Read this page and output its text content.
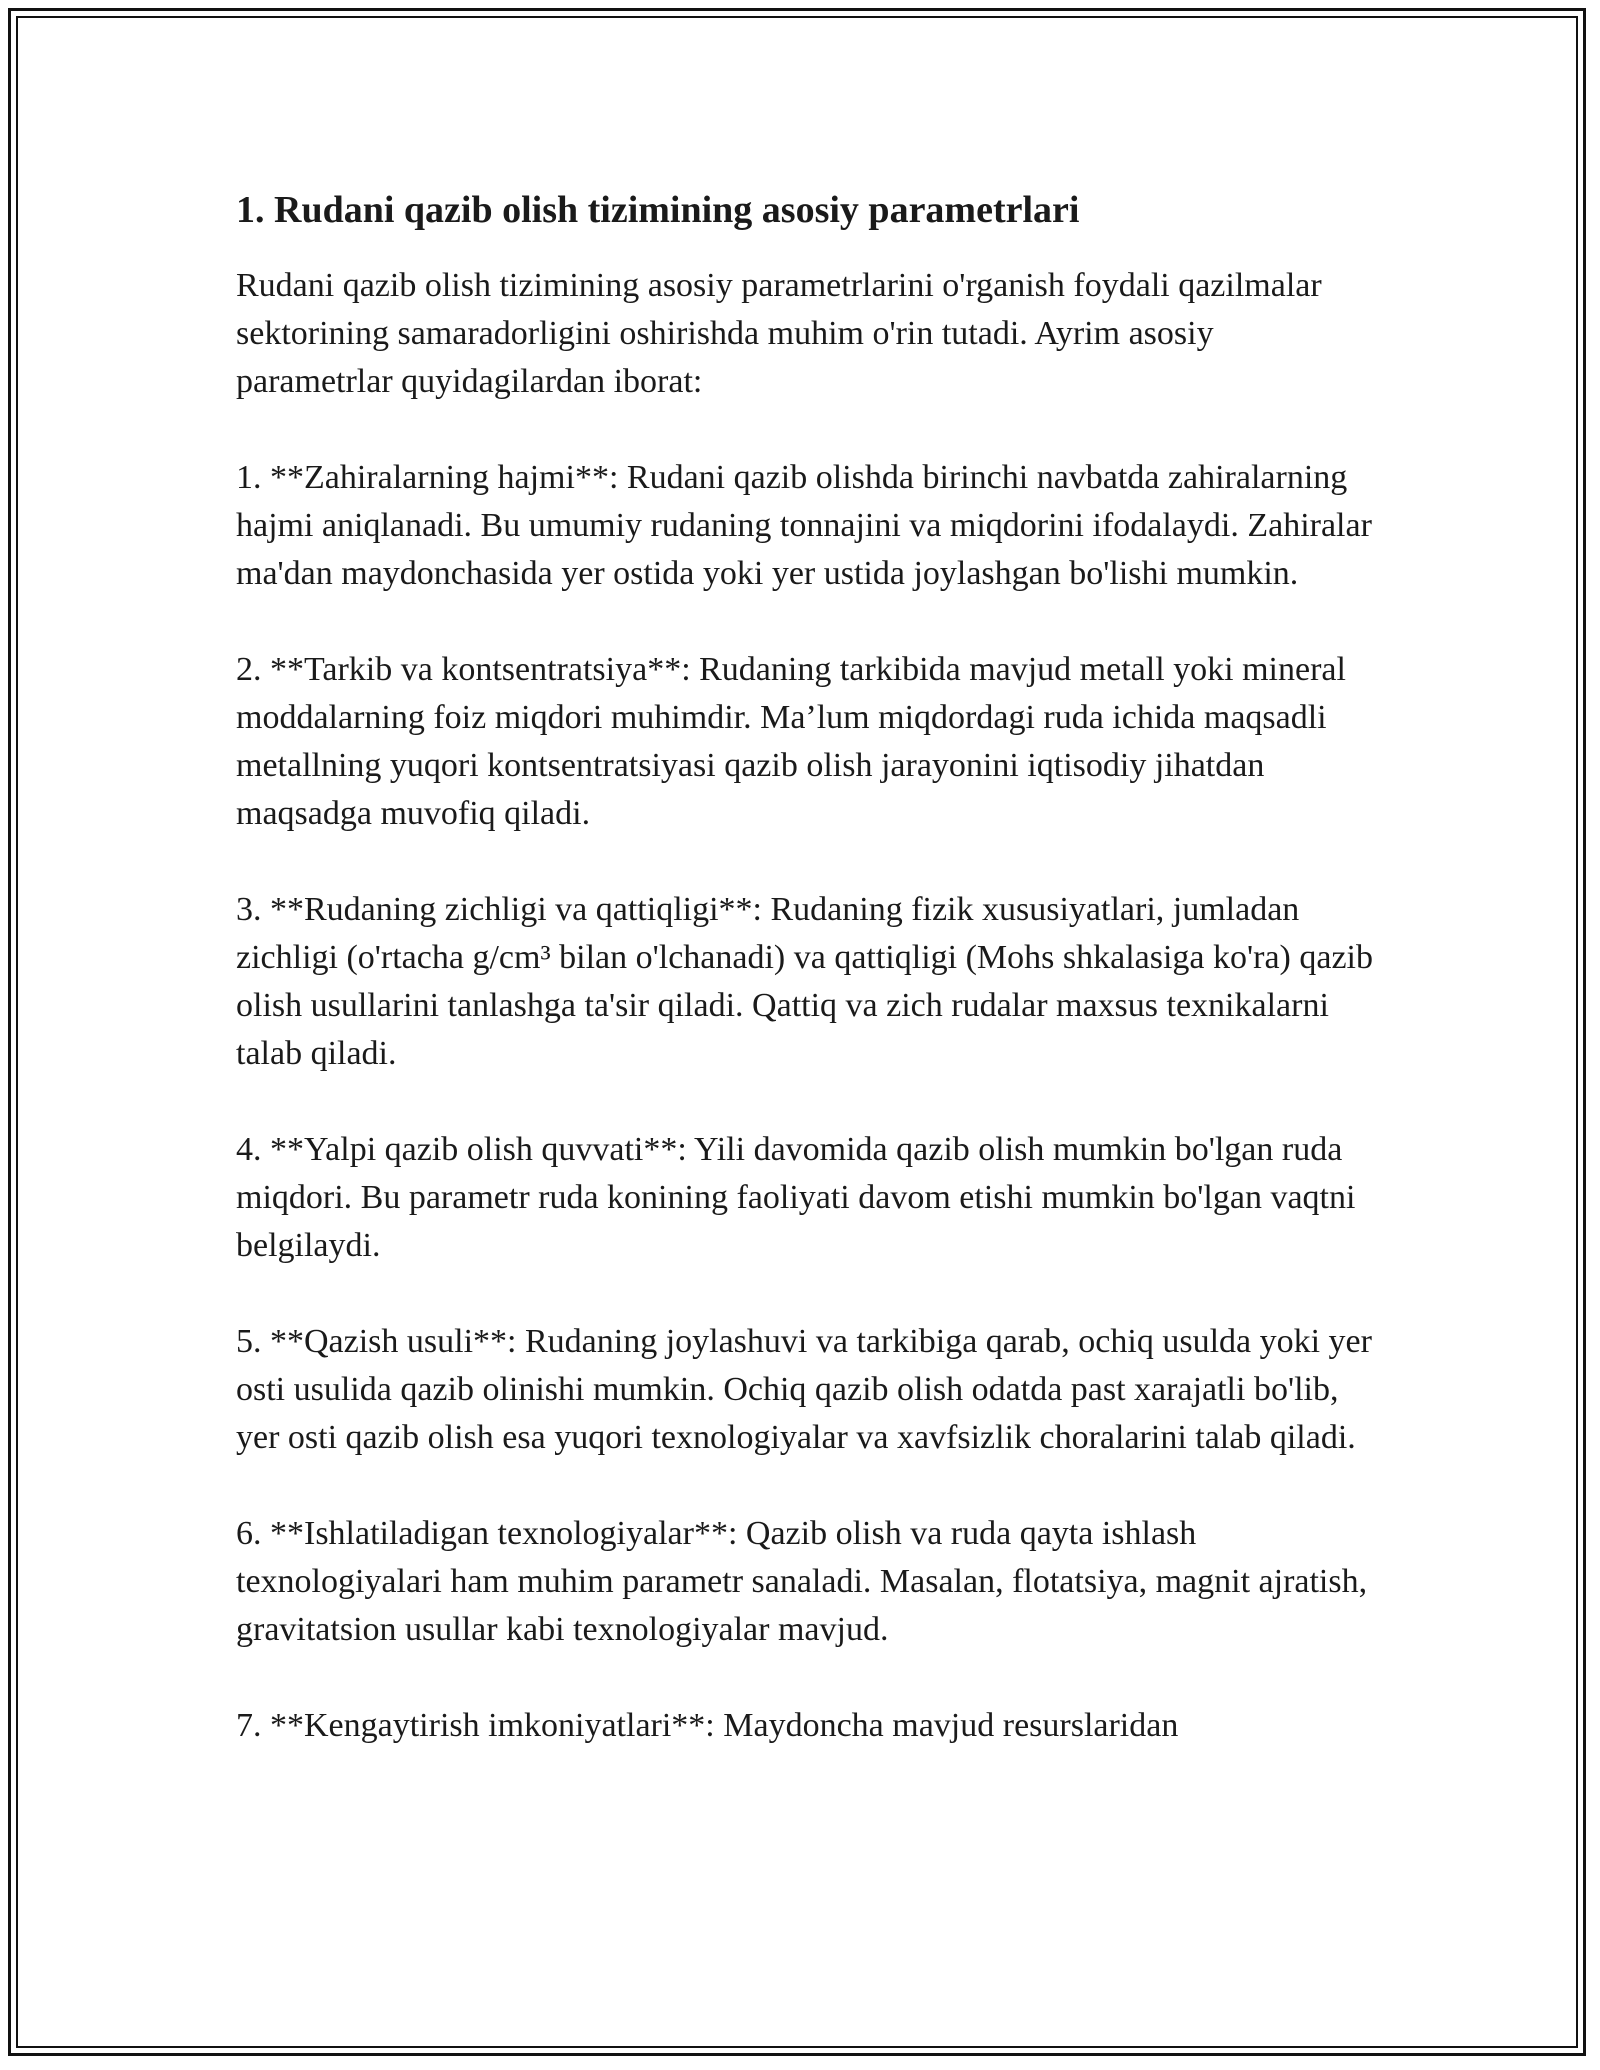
1. Rudani qazib olish tizimining asosiy parametrlari

Rudani qazib olish tizimining asosiy parametrlarini o'rganish foydali qazilmalar sektorining samaradorligini oshirishda muhim o'rin tutadi. Ayrim asosiy parametrlar quyidagilardan iborat:

1. **Zahiralarning hajmi**: Rudani qazib olishda birinchi navbatda zahiralarning hajmi aniqlanadi. Bu umumiy rudaning tonnajini va miqdorini ifodalaydi. Zahiralar ma'dan maydonchasida yer ostida yoki yer ustida joylashgan bo'lishi mumkin.

2. **Tarkib va kontsentratsiya**: Rudaning tarkibida mavjud metall yoki mineral moddalarning foiz miqdori muhimdir. Ma’lum miqdordagi ruda ichida maqsadli metallning yuqori kontsentratsiyasi qazib olish jarayonini iqtisodiy jihatdan maqsadga muvofiq qiladi.

3. **Rudaning zichligi va qattiqligi**: Rudaning fizik xususiyatlari, jumladan zichligi (o'rtacha g/cm³ bilan o'lchanadi) va qattiqligi (Mohs shkalasiga ko'ra) qazib olish usullarini tanlashga ta'sir qiladi. Qattiq va zich rudalar maxsus texnikalarni talab qiladi.

4. **Yalpi qazib olish quvvati**: Yili davomida qazib olish mumkin bo'lgan ruda miqdori. Bu parametr ruda konining faoliyati davom etishi mumkin bo'lgan vaqtni belgilaydi.

5. **Qazish usuli**: Rudaning joylashuvi va tarkibiga qarab, ochiq usulda yoki yer osti usulida qazib olinishi mumkin. Ochiq qazib olish odatda past xarajatli bo'lib, yer osti qazib olish esa yuqori texnologiyalar va xavfsizlik choralarini talab qiladi.

6. **Ishlatiladigan texnologiyalar**: Qazib olish va ruda qayta ishlash texnologiyalari ham muhim parametr sanaladi. Masalan, flotatsiya, magnit ajratish, gravitatsion usullar kabi texnologiyalar mavjud.

7. **Kengaytirish imkoniyatlari**: Maydoncha mavjud resurslaridan
